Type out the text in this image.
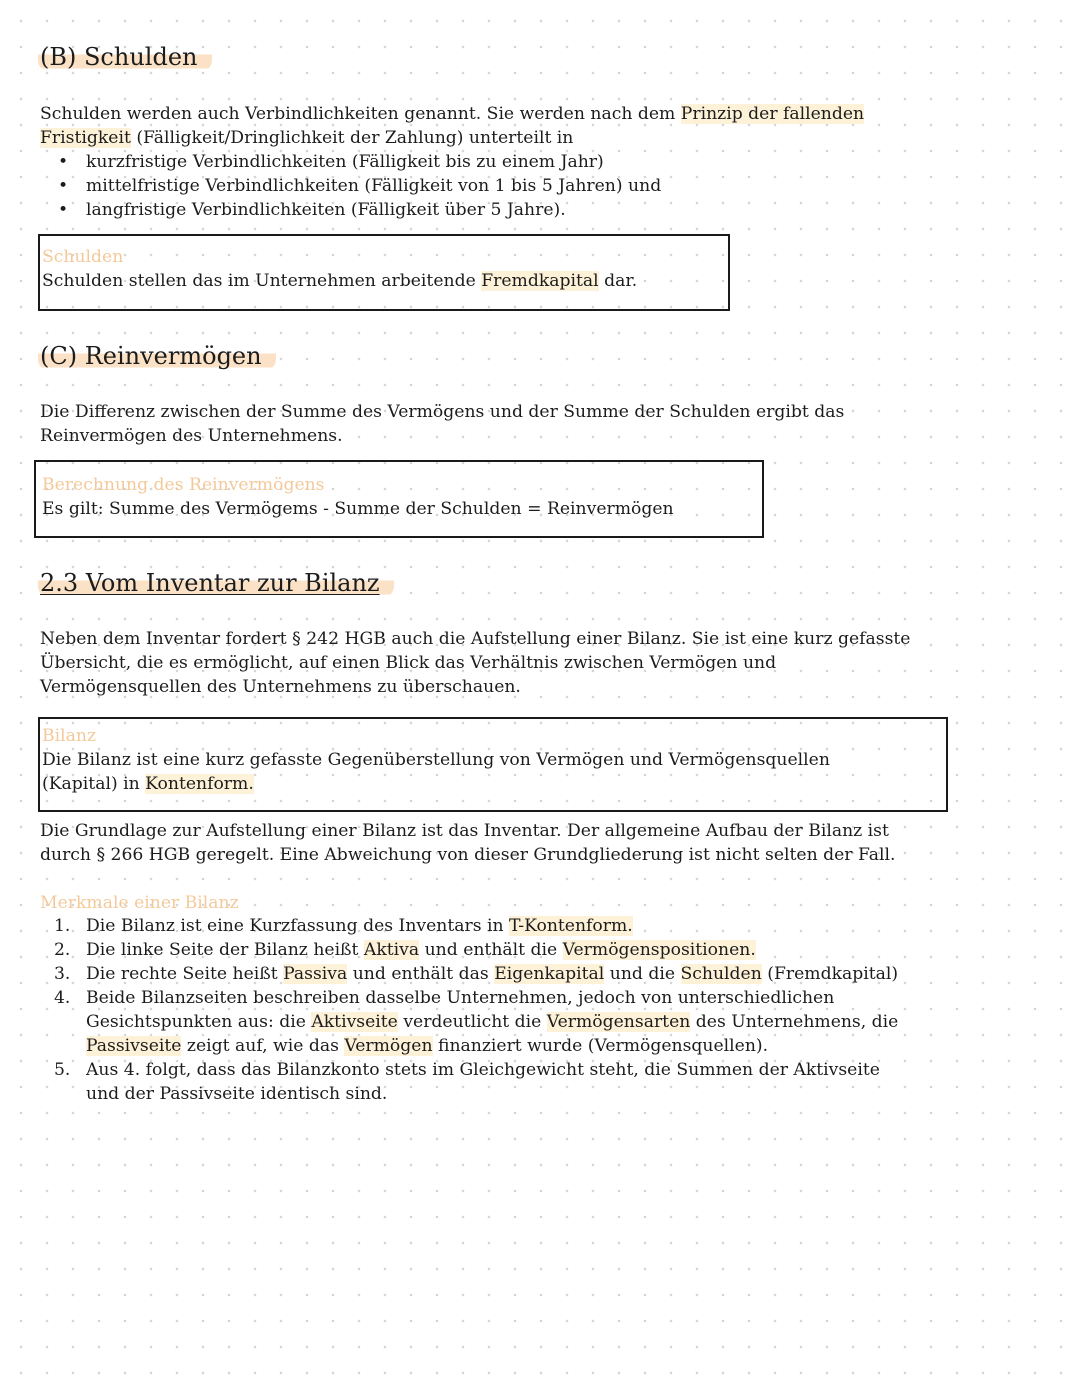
(B) Schulden
Schulden werden auch Verbindlichkeiten genannt. Sie werden nach dem Prinzip der fallenden
Fristigkeit (Fälligkeit/Dringlichkeit der Zahlung) unterteilt in
• kurzfristige Verbindlichkeiten (Fälligkeit bis zu einem Jahr)
• mittelfristige Verbindlichkeiten (Fälligkeit von 1 bis 5 Jahren) und
• langfristige Verbindlichkeiten (Fälligkeit über 5 Jahre).
Schulden
Schulden stellen das im Unternehmen arbeitende Fremdkapital dar.
(C) Reinvermögen
Die Differenz zwischen der Summe des Vermögens und der Summe der Schulden ergibt das
Reinvermögen des Unternehmens.
Berechnung des Reinvermögens
Es gilt: Summe des Vermögems - Summe der Schulden = Reinvermögen
2.3 Vom Inventar zur Bilanz
Neben dem Inventar fordert § 242 HGB auch die Aufstellung einer Bilanz. Sie ist eine kurz gefasste
Übersicht, die es ermöglicht, auf einen Blick das Verhältnis zwischen Vermögen und
Vermögensquellen des Unternehmens zu überschauen.
Bilanz
Die Bilanz ist eine kurz gefasste Gegenüberstellung von Vermögen und Vermögensquellen
(Kapital) in Kontenform.
Die Grundlage zur Aufstellung einer Bilanz ist das Inventar. Der allgemeine Aufbau der Bilanz ist
durch § 266 HGB geregelt. Eine Abweichung von dieser Grundgliederung ist nicht selten der Fall.
Merkmale einer Bilanz
1. Die Bilanz ist eine Kurzfassung des Inventars in T-Kontenform.
2. Die linke Seite der Bilanz heißt Aktiva und enthält die Vermögenspositionen.
3. Die rechte Seite heißt Passiva und enthält das Eigenkapital und die Schulden (Fremdkapital)
4. Beide Bilanzseiten beschreiben dasselbe Unternehmen, jedoch von unterschiedlichen
Gesichtspunkten aus: die Aktivseite verdeutlicht die Vermögensarten des Unternehmens, die
Passivseite zeigt auf, wie das Vermögen finanziert wurde (Vermögensquellen).
5. Aus 4. folgt, dass das Bilanzkonto stets im Gleichgewicht steht, die Summen der Aktivseite
und der Passivseite identisch sind.
